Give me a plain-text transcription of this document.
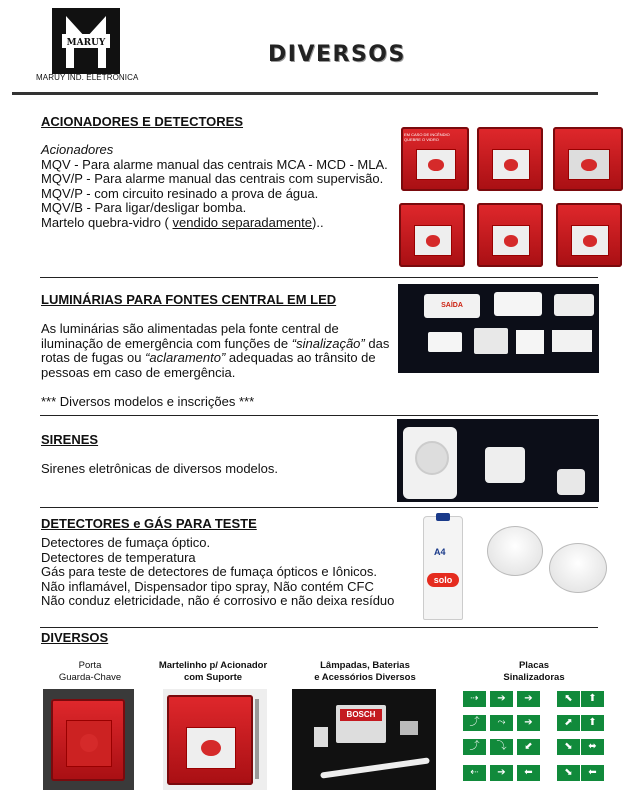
MARUY
MARUY IND. ELETRÔNICA
DIVERSOS
ACIONADORES E DETECTORES
Acionadores
MQV - Para alarme manual das centrais MCA - MCD - MLA.
MQV/P - Para alarme manual das centrais com supervisão.
MQV/P - com circuito resinado a prova de água.
MQV/B - Para ligar/desligar bomba.
Martelo quebra-vidro ( vendido separadamente)..
EM CASO DE INCÊNDIO
QUEBRE O VIDRO
LUMINÁRIAS PARA FONTES CENTRAL EM LED
As luminárias são alimentadas pela fonte central de
iluminação de emergência com funções de “sinalização” das
rotas de fugas ou “aclaramento” adequadas ao trânsito de
pessoas em caso de emergência.
*** Diversos modelos e inscrições ***
SAÍDA
SIRENES
Sirenes eletrônicas de diversos modelos.
DETECTORES e GÁS PARA TESTE
Detectores de fumaça óptico.
Detectores de temperatura
Gás para teste de detectores de fumaça ópticos e Iônicos.
Não inflamável, Dispensador tipo spray, Não contém CFC
Não conduz eletricidade, não é corrosivo e não deixa resíduo
A4
solo
DIVERSOS
Porta
Guarda-Chave
Martelinho p/ Acionador
com Suporte
Lâmpadas, Baterias
e Acessórios Diversos
Placas
Sinalizadoras
BOSCH
⇢	➔	➔	⬉	⬆
⤴	⤳	➔	⬈	⬆
⤴	⤵	⬋	⬊	⬌
⇠	➔	⬅	⬊	⬅
